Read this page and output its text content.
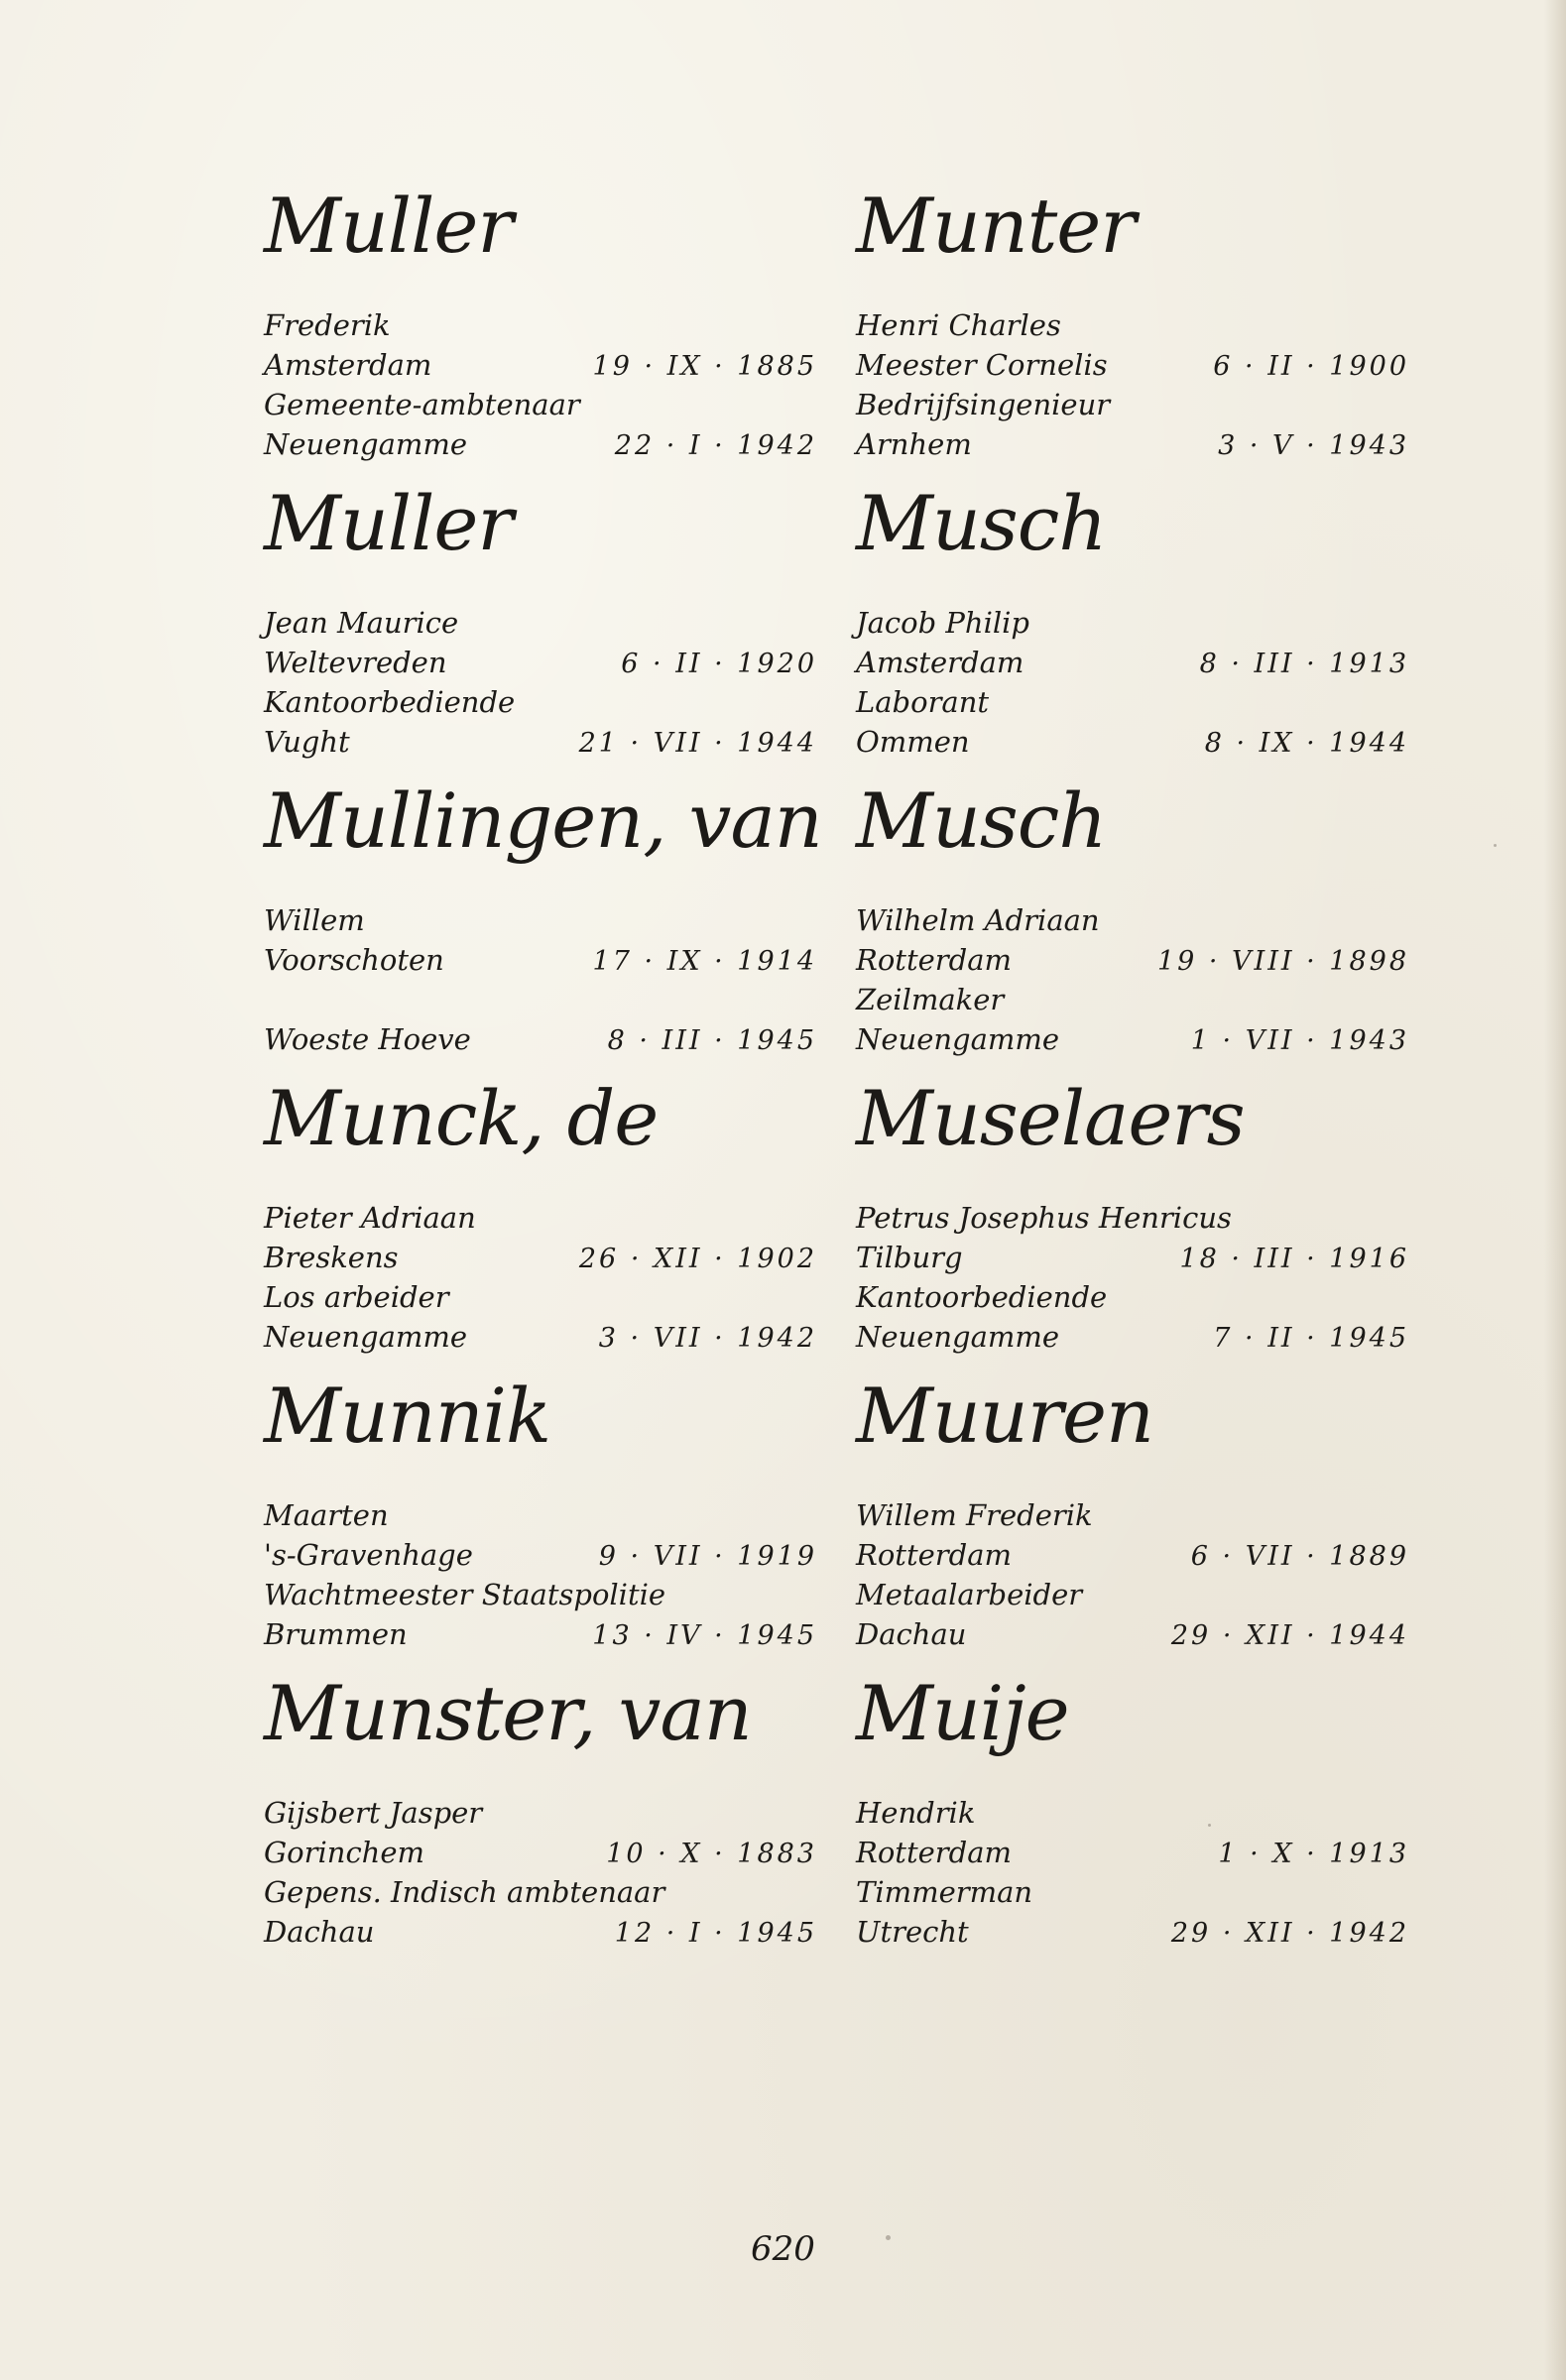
Muller
Frederik
Amsterdam	19 · IX · 1885
Gemeente-ambtenaar
Neuengamme	22 · I · 1942
Muller
Jean Maurice
Weltevreden	6 · II · 1920
Kantoorbediende
Vught	21 · VII · 1944
Mullingen, van
Willem
Voorschoten	17 · IX · 1914
Woeste Hoeve	8 · III · 1945
Munck, de
Pieter Adriaan
Breskens	26 · XII · 1902
Los arbeider
Neuengamme	3 · VII · 1942
Munnik
Maarten
's-Gravenhage	9 · VII · 1919
Wachtmeester Staatspolitie
Brummen	13 · IV · 1945
Munster, van
Gijsbert Jasper
Gorinchem	10 · X · 1883
Gepens. Indisch ambtenaar
Dachau	12 · I · 1945
Munter
Henri Charles
Meester Cornelis	6 · II · 1900
Bedrijfsingenieur
Arnhem	3 · V · 1943
Musch
Jacob Philip
Amsterdam	8 · III · 1913
Laborant
Ommen	8 · IX · 1944
Musch
Wilhelm Adriaan
Rotterdam	19 · VIII · 1898
Zeilmaker
Neuengamme	1 · VII · 1943
Muselaers
Petrus Josephus Henricus
Tilburg	18 · III · 1916
Kantoorbediende
Neuengamme	7 · II · 1945
Muuren
Willem Frederik
Rotterdam	6 · VII · 1889
Metaalarbeider
Dachau	29 · XII · 1944
Muije
Hendrik
Rotterdam	1 · X · 1913
Timmerman
Utrecht	29 · XII · 1942
620
